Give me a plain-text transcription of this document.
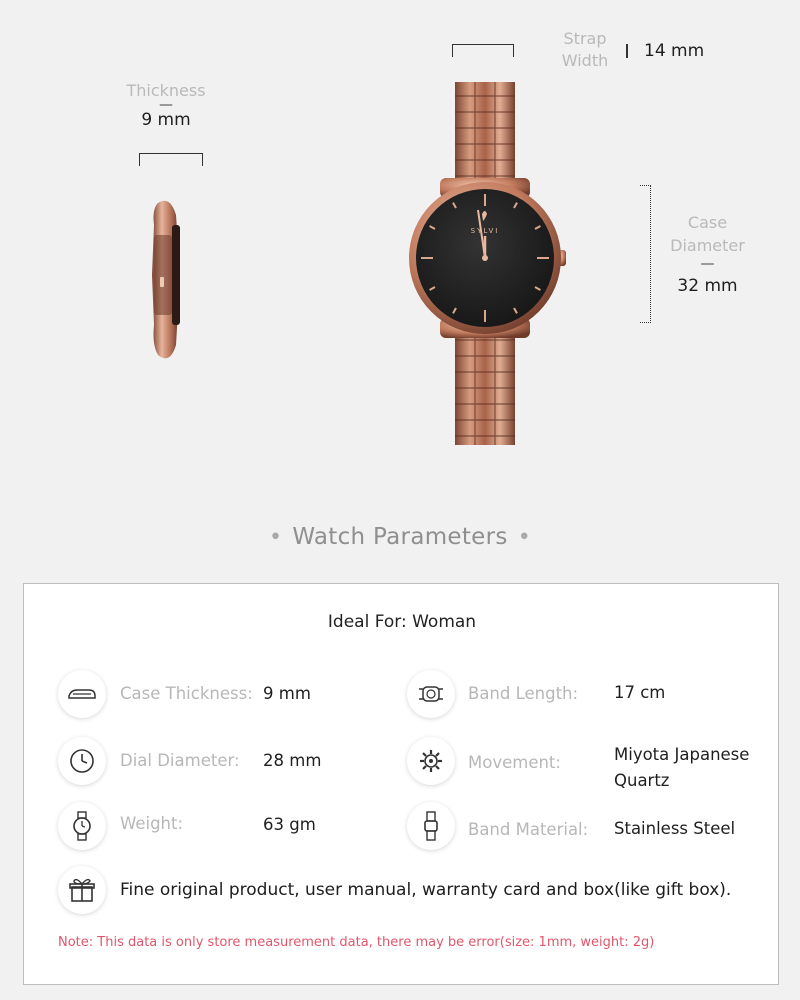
Thickness
—
9 mm
SYLVI
Strap
Width	14 mm
Case
Diameter
—
32 mm
• Watch Parameters •
Ideal For: Woman
Case Thickness: 9 mm	Band Length: 17 cm
Dial Diameter: 28 mm	Movement:	Miyota Japanese
Quartz
Weight:	63 gm	Band Material: Stainless Steel
Fine original product, user manual, warranty card and box(like gift box).
Note: This data is only store measurement data, there may be error(size: 1mm, weight: 2g)
